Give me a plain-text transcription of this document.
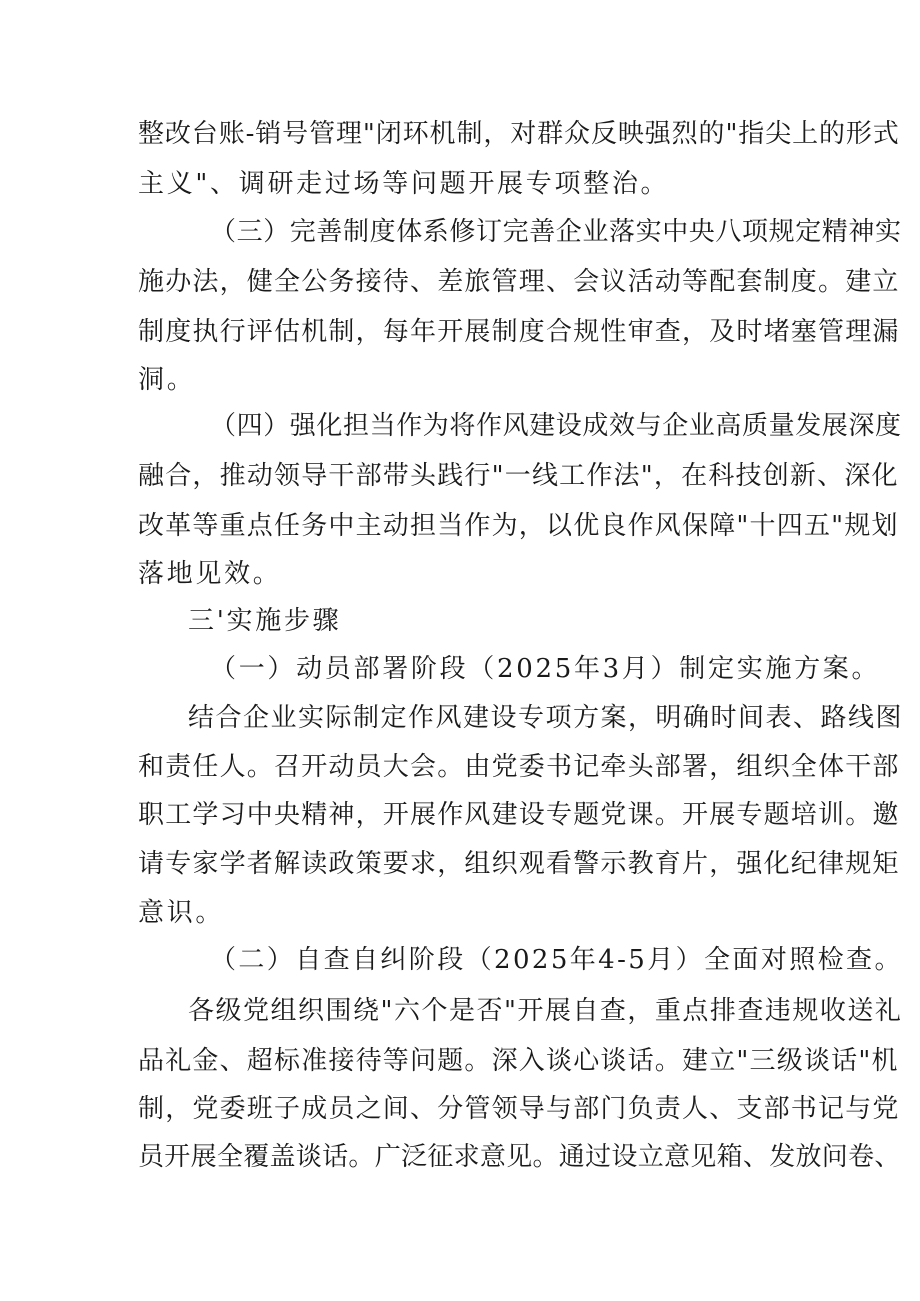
整改台账-销号管理"闭环机制，对群众反映强烈的"指尖上的形式

主义"、调研走过场等问题开展专项整治。

（三）完善制度体系修订完善企业落实中央八项规定精神实

施办法，健全公务接待、差旅管理、会议活动等配套制度。建立

制度执行评估机制，每年开展制度合规性审查，及时堵塞管理漏

洞。

（四）强化担当作为将作风建设成效与企业高质量发展深度

融合，推动领导干部带头践行"一线工作法"，在科技创新、深化

改革等重点任务中主动担当作为，以优良作风保障"十四五"规划

落地见效。

三'实施步骤

（一）动员部署阶段（2025年3月）制定实施方案。

结合企业实际制定作风建设专项方案，明确时间表、路线图

和责任人。召开动员大会。由党委书记牵头部署，组织全体干部

职工学习中央精神，开展作风建设专题党课。开展专题培训。邀

请专家学者解读政策要求，组织观看警示教育片，强化纪律规矩

意识。

（二）自查自纠阶段（2025年4-5月）全面对照检查。

各级党组织围绕"六个是否"开展自查，重点排查违规收送礼

品礼金、超标准接待等问题。深入谈心谈话。建立"三级谈话"机

制，党委班子成员之间、分管领导与部门负责人、支部书记与党

员开展全覆盖谈话。广泛征求意见。通过设立意见箱、发放问卷、
